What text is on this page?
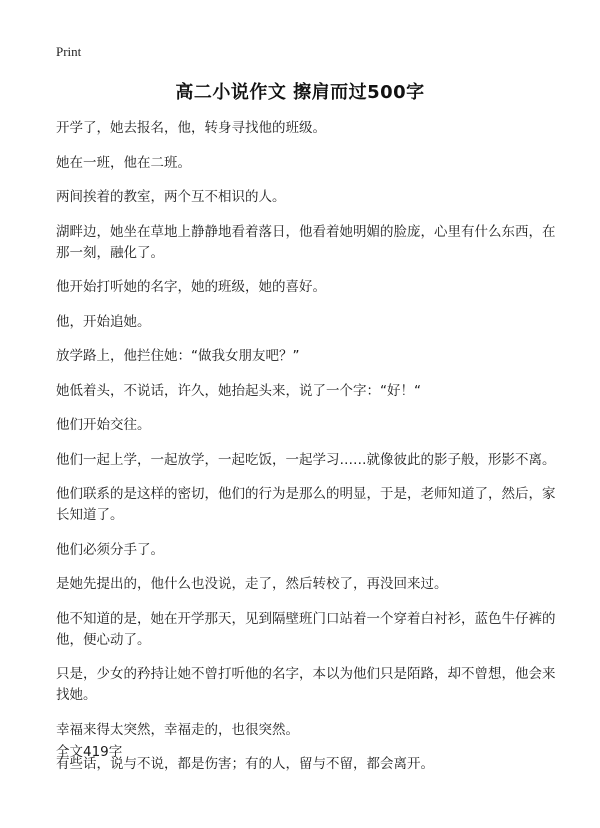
Print
高二小说作文 擦肩而过500字

开学了，她去报名，他，转身寻找他的班级。

她在一班，他在二班。

两间挨着的教室，两个互不相识的人。

湖畔边，她坐在草地上静静地看着落日，他看着她明媚的脸庞，心里有什么东西，在那一刻，融化了。

他开始打听她的名字，她的班级，她的喜好。

他，开始追她。

放学路上，他拦住她：“做我女朋友吧？”

她低着头，不说话，许久，她抬起头来，说了一个字：“好！“

他们开始交往。

他们一起上学，一起放学，一起吃饭，一起学习……就像彼此的影子般，形影不离。

他们联系的是这样的密切，他们的行为是那么的明显，于是，老师知道了，然后，家长知道了。

他们必须分手了。

是她先提出的，他什么也没说，走了，然后转校了，再没回来过。

他不知道的是，她在开学那天，见到隔壁班门口站着一个穿着白衬衫，蓝色牛仔裤的他，便心动了。

只是，少女的矜持让她不曾打听他的名字，本以为他们只是陌路，却不曾想，他会来找她。

幸福来得太突然，幸福走的，也很突然。

有些话，说与不说，都是伤害；有的人，留与不留，都会离开。

全文419字
